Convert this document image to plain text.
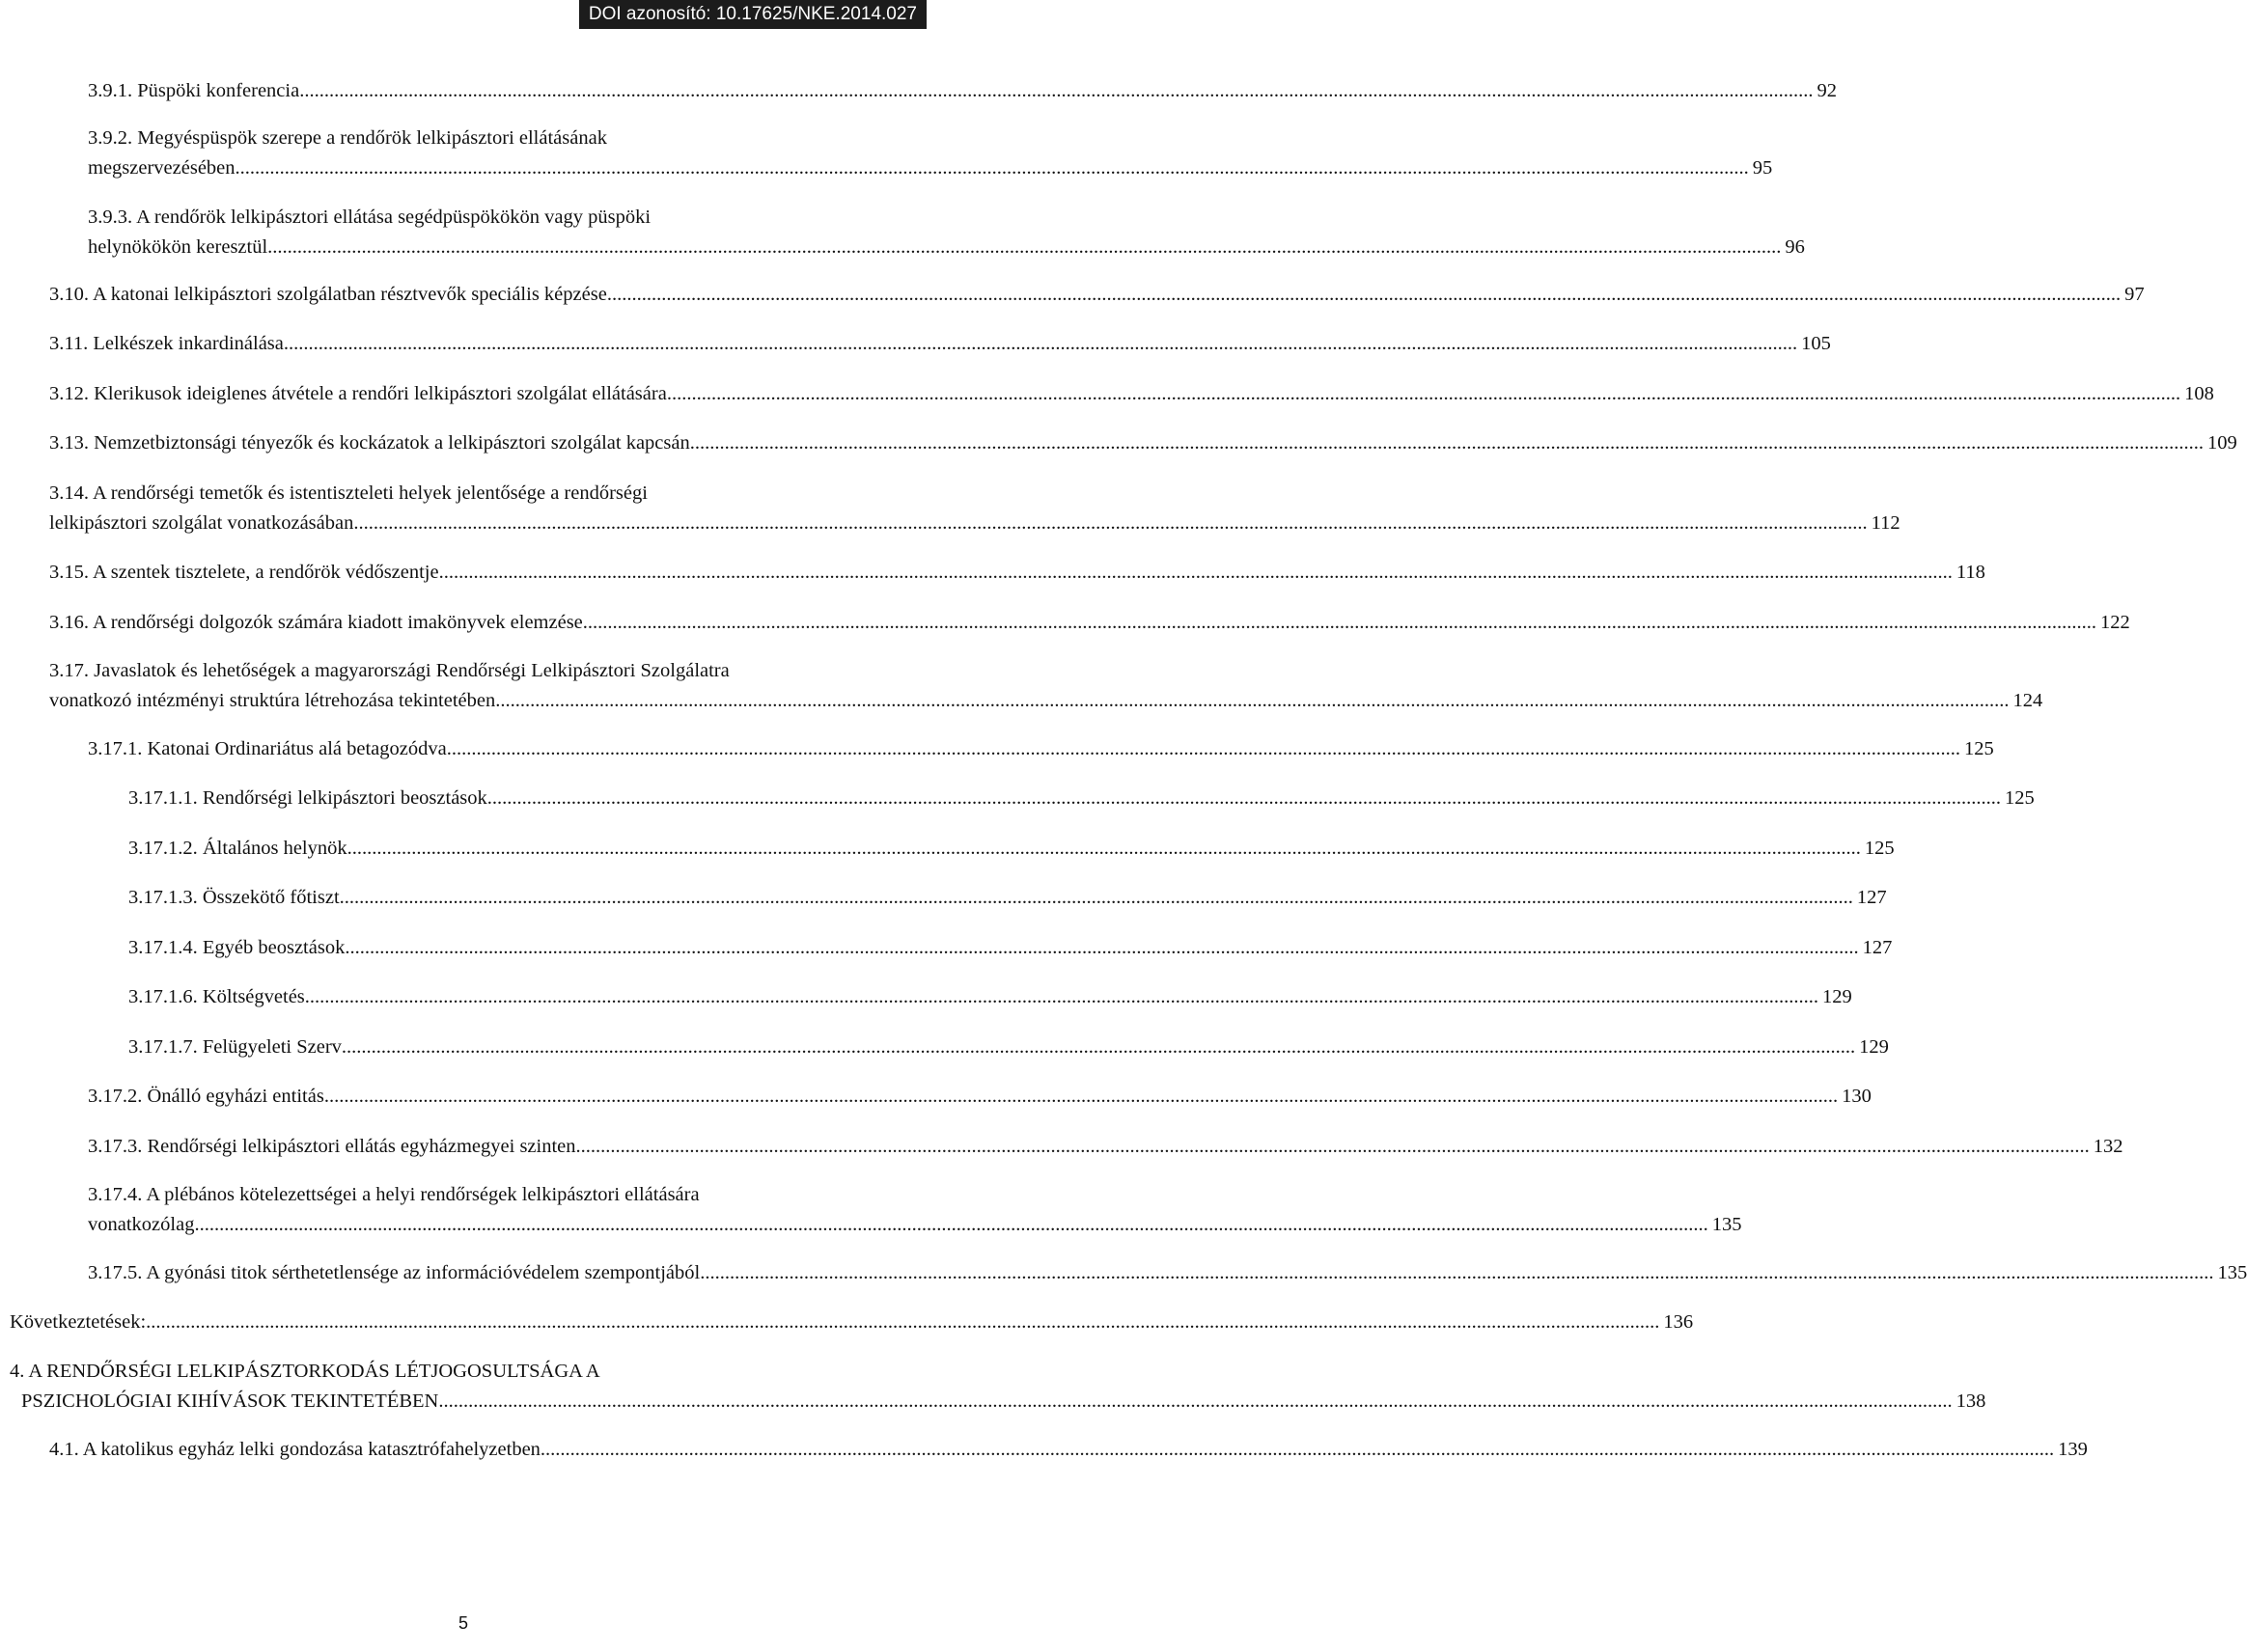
DOI azonosító: 10.17625/NKE.2014.027
3.9.1. Püspöki konferencia .....	92
3.9.2. Megyéspüspök szerepe a rendőrök lelkipásztori ellátásának
megszervezésében .....	95
3.9.3. A rendőrök lelkipásztori ellátása segédpüspökökön vagy püspöki
helynökökön keresztül .....	96
3.10. A katonai lelkipásztori szolgálatban résztvevők speciális képzése .....	97
3.11. Lelkészek inkardinálása .....	105
3.12. Klerikusok ideiglenes átvétele a rendőri lelkipásztori szolgálat ellátására .....	108
3.13. Nemzetbiztonsági tényezők és kockázatok a lelkipásztori szolgálat kapcsán .....	109
3.14. A rendőrségi temetők és istentiszteleti helyek jelentősége a rendőrségi
lelkipásztori szolgálat vonatkozásában .....	112
3.15. A szentek tisztelete, a rendőrök védőszentje .....	118
3.16. A rendőrségi dolgozók számára kiadott imakönyvek elemzése .....	122
3.17. Javaslatok és lehetőségek a magyarországi Rendőrségi Lelkipásztori Szolgálatra
vonatkozó intézményi struktúra létrehozása tekintetében .....	124
3.17.1. Katonai Ordinariátus alá betagozódva .....	125
3.17.1.1. Rendőrségi lelkipásztori beosztások .....	125
3.17.1.2. Általános helynök .....	125
3.17.1.3. Összekötő főtiszt .....	127
3.17.1.4. Egyéb beosztások .....	127
3.17.1.6. Költségvetés .....	129
3.17.1.7. Felügyeleti Szerv .....	129
3.17.2. Önálló egyházi entitás .....	130
3.17.3. Rendőrségi lelkipásztori ellátás egyházmegyei szinten .....	132
3.17.4. A plébános kötelezettségei a helyi rendőrségek lelkipásztori ellátására
vonatkozólag .....	135
3.17.5. A gyónási titok sérthetetlensége az információvédelem szempontjából .....	135
Következtetések: .....	136
4. A RENDŐRSÉGI LELKIPÁSZTORKODÁS LÉTJOGOSULTSÁGA A
PSZICHOLÓGIAI KIHÍVÁSOK TEKINTETÉBEN .....	138
4.1. A katolikus egyház lelki gondozása katasztrófahelyzetben .....	139
5
